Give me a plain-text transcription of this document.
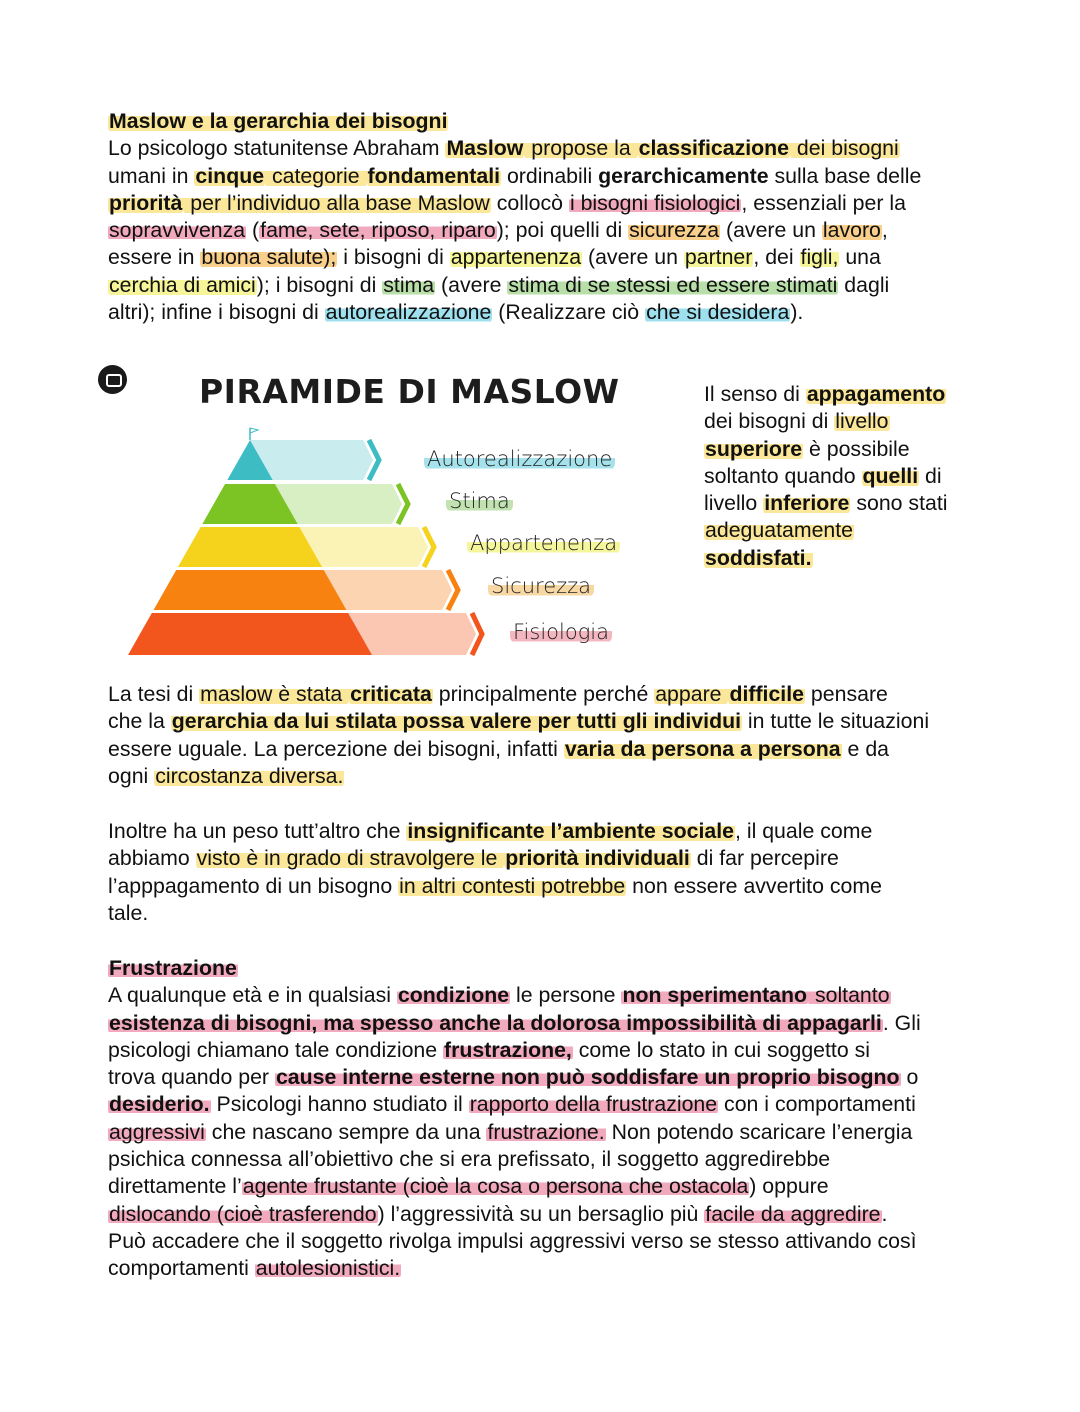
Maslow e la gerarchia dei bisogni
Lo psicologo statunitense Abraham Maslow propose la classificazione dei bisogni
umani in cinque categorie fondamentali ordinabili gerarchicamente sulla base delle
priorità per l’individuo alla base Maslow collocò i bisogni fisiologici, essenziali per la
sopravvivenza (fame, sete, riposo, riparo); poi quelli di sicurezza (avere un lavoro,
essere in buona salute); i bisogni di appartenenza (avere un partner, dei figli, una
cerchia di amici); i bisogni di stima (avere stima di se stessi ed essere stimati dagli
altri); infine i bisogni di autorealizzazione (Realizzare ciò che si desidera).
Il senso di appagamento
dei bisogni di livello
superiore è possibile
soltanto quando quelli di
livello inferiore sono stati
adeguatamente
soddisfati.
La tesi di maslow è stata criticata principalmente perché appare difficile pensare
che la gerarchia da lui stilata possa valere per tutti gli individui in tutte le situazioni
essere uguale. La percezione dei bisogni, infatti varia da persona a persona e da
ogni circostanza diversa.
Inoltre ha un peso tutt’altro che insignificante l’ambiente sociale, il quale come
abbiamo visto è in grado di stravolgere le priorità individuali di far percepire
l’apppagamento di un bisogno in altri contesti potrebbe non essere avvertito come
tale.
Frustrazione
A qualunque età e in qualsiasi condizione le persone non sperimentano soltanto
esistenza di bisogni, ma spesso anche la dolorosa impossibilità di appagarli. Gli
psicologi chiamano tale condizione frustrazione, come lo stato in cui soggetto si
trova quando per cause interne esterne non può soddisfare un proprio bisogno o
desiderio. Psicologi hanno studiato il rapporto della frustrazione con i comportamenti
aggressivi che nascano sempre da una frustrazione. Non potendo scaricare l’energia
psichica connessa all’obiettivo che si era prefissato, il soggetto aggredirebbe
direttamente l’agente frustante (cioè la cosa o persona che ostacola) oppure
dislocando (cioè trasferendo) l’aggressività su un bersaglio più facile da aggredire.
Può accadere che il soggetto rivolga impulsi aggressivi verso se stesso attivando così
comportamenti autolesionistici.
PIRAMIDE DI MASLOW
Autorealizzazione
Stima
Appartenenza
Sicurezza
Fisiologia
